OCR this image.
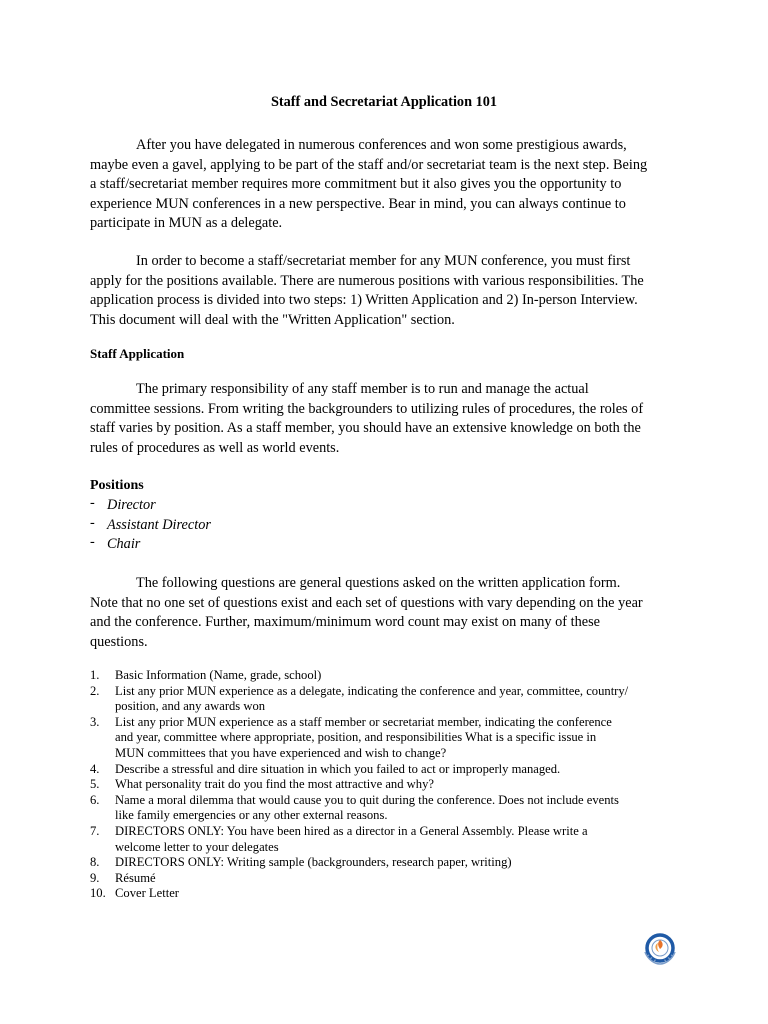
Staff and Secretariat Application 101

After you have delegated in numerous conferences and won some prestigious awards,
maybe even a gavel, applying to be part of the staff and/or secretariat team is the next step. Being
a staff/secretariat member requires more commitment but it also gives you the opportunity to
experience MUN conferences in a new perspective. Bear in mind, you can always continue to
participate in MUN as a delegate.

In order to become a staff/secretariat member for any MUN conference, you must first
apply for the positions available. There are numerous positions with various responsibilities. The
application process is divided into two steps: 1) Written Application and 2) In-person Interview.
This document will deal with the "Written Application" section.

Staff Application

The primary responsibility of any staff member is to run and manage the actual
committee sessions. From writing the backgrounders to utilizing rules of procedures, the roles of
staff varies by position. As a staff member, you should have an extensive knowledge on both the
rules of procedures as well as world events.

Positions
- Director
- Assistant Director
- Chair

The following questions are general questions asked on the written application form.
Note that no one set of questions exist and each set of questions with vary depending on the year
and the conference. Further, maximum/minimum word count may exist on many of these
questions.

1. Basic Information (Name, grade, school)
2. List any prior MUN experience as a delegate, indicating the conference and year, committee, country/
position, and any awards won
3. List any prior MUN experience as a staff member or secretariat member, indicating the conference
and year, committee where appropriate, position, and responsibilities What is a specific issue in
MUN committees that you have experienced and wish to change?
4. Describe a stressful and dire situation in which you failed to act or improperly managed.
5. What personality trait do you find the most attractive and why?
6. Name a moral dilemma that would cause you to quit during the conference. Does not include events
like family emergencies or any other external reasons.
7. DIRECTORS ONLY: You have been hired as a director in a General Assembly. Please write a
welcome letter to your delegates
8. DIRECTORS ONLY: Writing sample (backgrounders, research paper, writing)
9. Résumé
10. Cover Letter
